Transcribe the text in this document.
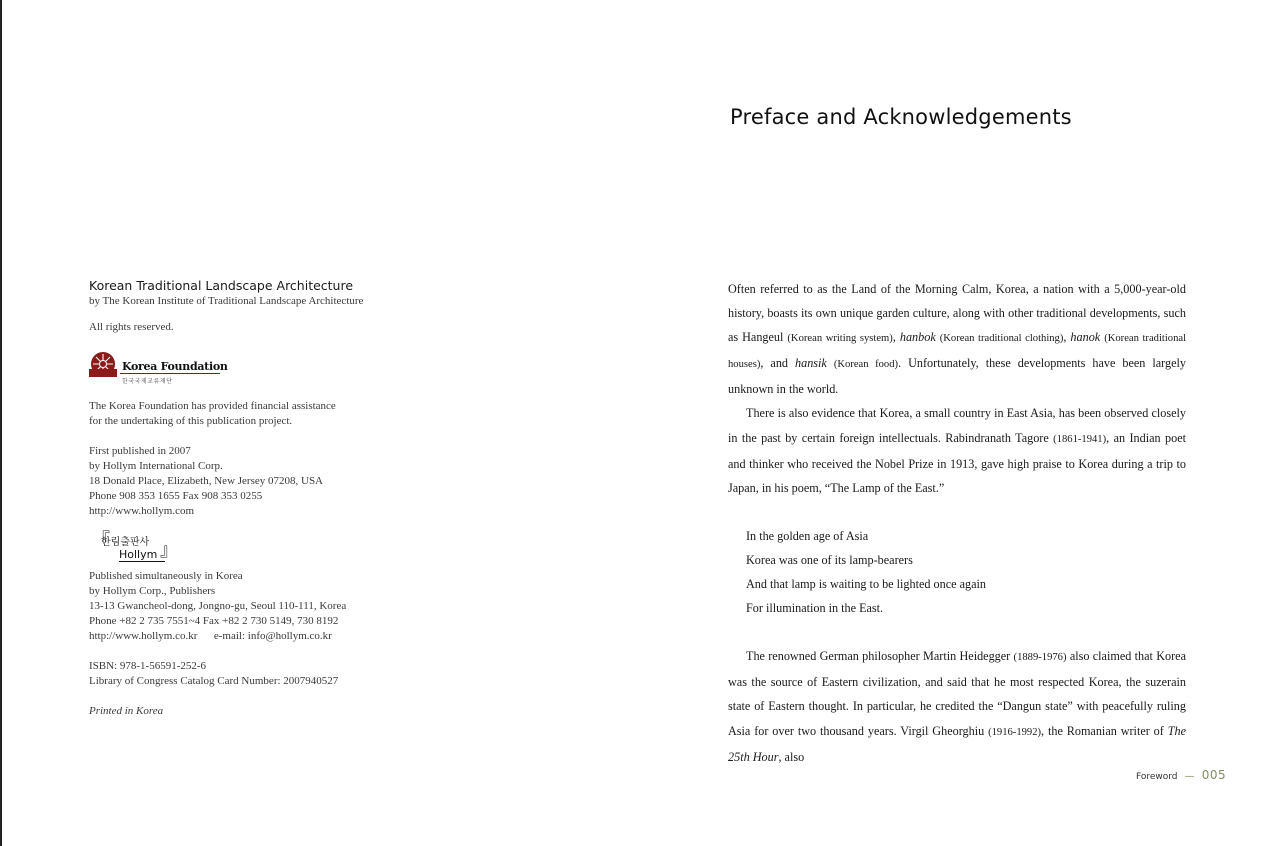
Korean Traditional Landscape Architecture
by The Korean Institute of Traditional Landscape Architecture
All rights reserved.
Korea Foundation
한국국제교류재단
The Korea Foundation has provided financial assistance
for the undertaking of this publication project.
First published in 2007
by Hollym International Corp.
18 Donald Place, Elizabeth, New Jersey 07208, USA
Phone 908 353 1655 Fax 908 353 0255
http://www.hollym.com
『
한림출판사
Hollym 』
Published simultaneously in Korea
by Hollym Corp., Publishers
13-13 Gwancheol-dong, Jongno-gu, Seoul 110-111, Korea
Phone +82 2 735 7551~4 Fax +82 2 730 5149, 730 8192
http://www.hollym.co.kr      e-mail: info@hollym.co.kr
ISBN: 978-1-56591-252-6
Library of Congress Catalog Card Number: 2007940527
Printed in Korea
Preface and Acknowledgements

Often referred to as the Land of the Morning Calm, Korea, a nation with a 5,000-year-old history, boasts its own unique garden culture, along with other traditional developments, such as Hangeul (Korean writing system), hanbok (Korean traditional clothing), hanok (Korean traditional houses), and hansik (Korean food). Unfortunately, these developments have been largely unknown in the world.

There is also evidence that Korea, a small country in East Asia, has been observed closely in the past by certain foreign intellectuals. Rabindranath Tagore (1861-1941), an Indian poet and thinker who received the Nobel Prize in 1913, gave high praise to Korea during a trip to Japan, in his poem, “The Lamp of the East.”

In the golden age of Asia
Korea was one of its lamp-bearers
And that lamp is waiting to be lighted once again
For illumination in the East.

The renowned German philosopher Martin Heidegger (1889-1976) also claimed that Korea was the source of Eastern civilization, and said that he most respected Korea, the suzerain state of Eastern thought. In particular, he credited the “Dangun state” with peacefully ruling Asia for over two thousand years. Virgil Gheorghiu (1916-1992), the Romanian writer of The 25th Hour, also

Foreword — 005
